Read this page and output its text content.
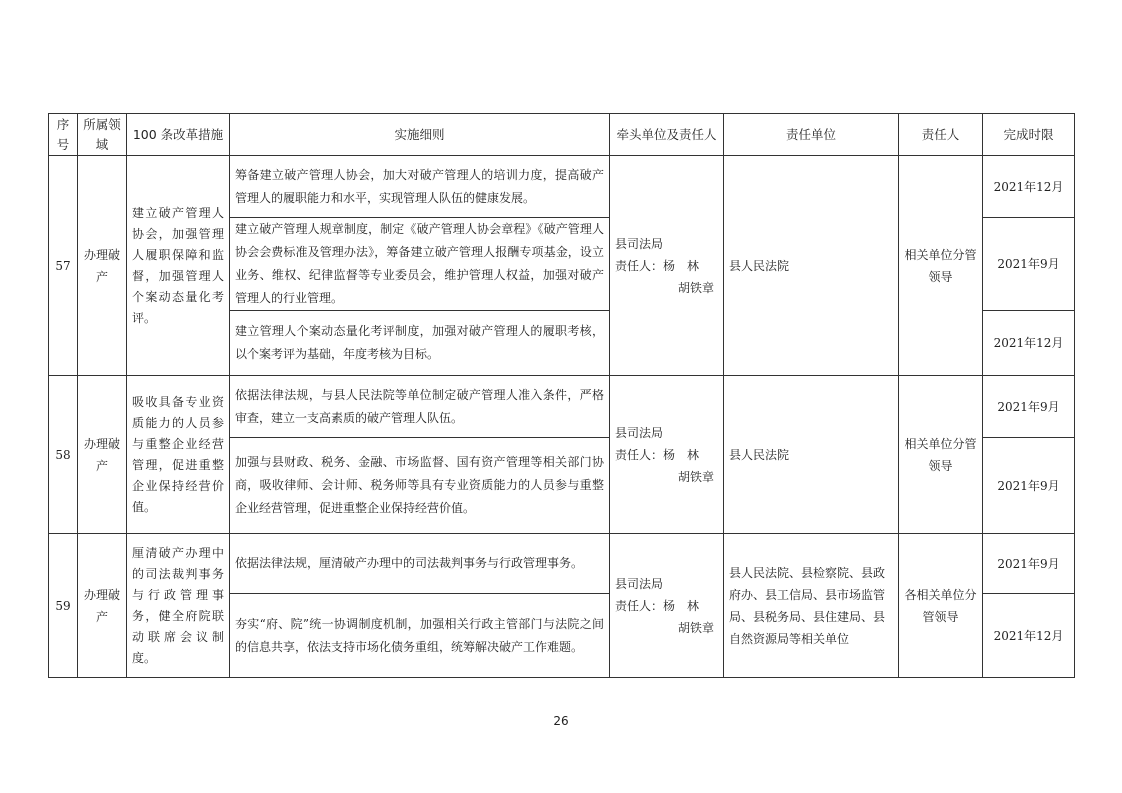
序号	所属领域	100 条改革措施	实施细则	牵头单位及责任人	责任单位	责任人	完成时限
57	办理破产	建立破产管理人协会，加强管理人履职保障和监督，加强管理人个案动态量化考评。	筹备建立破产管理人协会，加大对破产管理人的培训力度，提高破产管理人的履职能力和水平，实现管理人队伍的健康发展。	县司法局
责任人：杨　林
胡铁章	县人民法院	相关单位分管领导	2021年12月
			建立破产管理人规章制度，制定《破产管理人协会章程》《破产管理人协会会费标准及管理办法》，筹备建立破产管理人报酬专项基金，设立业务、维权、纪律监督等专业委员会，维护管理人权益，加强对破产管理人的行业管理。				2021年9月
			建立管理人个案动态量化考评制度，加强对破产管理人的履职考核，以个案考评为基础，年度考核为目标。				2021年12月
58	办理破产	吸收具备专业资质能力的人员参与重整企业经营管理，促进重整企业保持经营价值。	依据法律法规，与县人民法院等单位制定破产管理人准入条件，严格审查，建立一支高素质的破产管理人队伍。	县司法局
责任人：杨　林
胡铁章	县人民法院	相关单位分管领导	2021年9月
			加强与县财政、税务、金融、市场监督、国有资产管理等相关部门协商，吸收律师、会计师、税务师等具有专业资质能力的人员参与重整企业经营管理，促进重整企业保持经营价值。				2021年9月
59	办理破产	厘清破产办理中的司法裁判事务与行政管理事务，健全府院联动联席会议制度。	依据法律法规，厘清破产办理中的司法裁判事务与行政管理事务。	县司法局
责任人：杨　林
胡铁章	县人民法院、县检察院、县政府办、县工信局、县市场监管局、县税务局、县住建局、县自然资源局等相关单位	各相关单位分管领导	2021年9月
			夯实“府、院”统一协调制度机制，加强相关行政主管部门与法院之间的信息共享，依法支持市场化债务重组，统筹解决破产工作难题。				2021年12月
26
